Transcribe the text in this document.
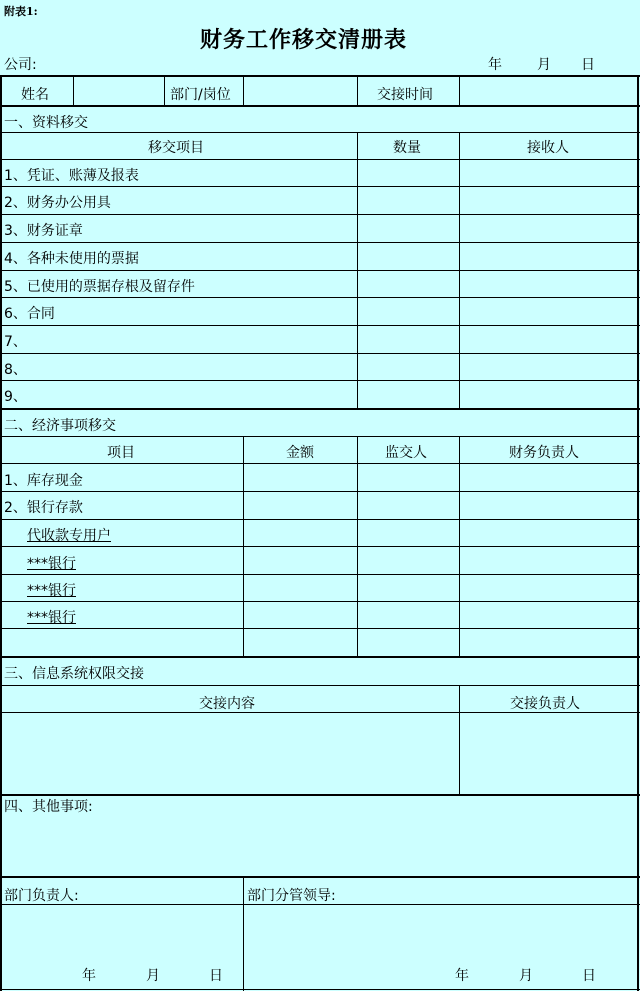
附表1:
财务工作移交清册表
公司:	年	月 日
姓名	部门/岗位	交接时间
一、资料移交
移交项目	数量	接收人
1、凭证、账薄及报表
2、财务办公用具
3、财务证章
4、各种未使用的票据
5、已使用的票据存根及留存件
6、合同
7、
8、
9、
二、经济事项移交
项目	金额	监交人	财务负责人
1、库存现金
2、银行存款
代收款专用户
***银行
***银行
***银行
三、信息系统权限交接
交接内容	交接负责人
四、其他事项:
部门负责人:	部门分管领导:
年	月	日	年	月	日
